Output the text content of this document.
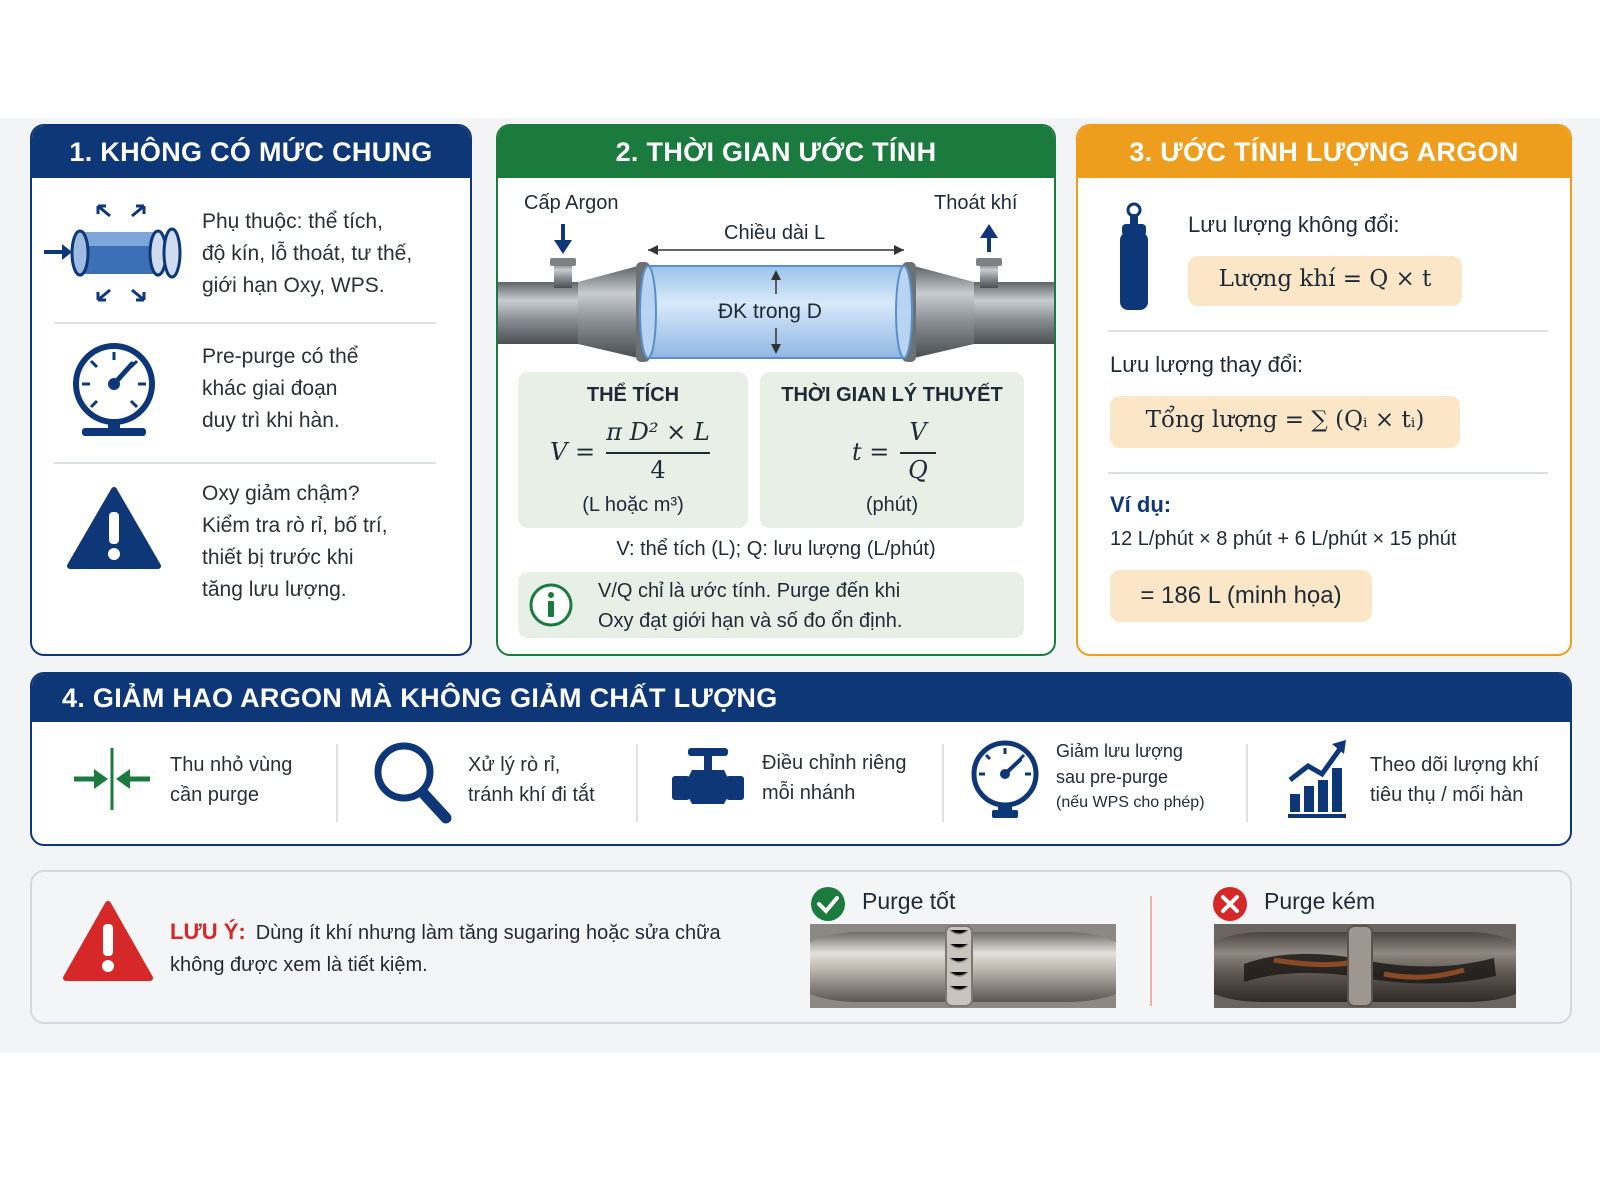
1. KHÔNG CÓ MỨC CHUNG
Phụ thuộc: thể tích,
độ kín, lỗ thoát, tư thế,
giới hạn Oxy, WPS.
Pre-purge có thể
khác giai đoạn
duy trì khi hàn.
Oxy giảm chậm?
Kiểm tra rò rỉ, bố trí,
thiết bị trước khi
tăng lưu lượng.
2. THỜI GIAN ƯỚC TÍNH
Cấp Argon	Thoát khí
Chiều dài L
ĐK trong D
THỂ TÍCH
V =
π D² × L
4
(L hoặc m³)
THỜI GIAN LÝ THUYẾT
t =
V
Q
(phút)
V: thể tích (L); Q: lưu lượng (L/phút)
V/Q chỉ là ước tính. Purge đến khi
Oxy đạt giới hạn và số đo ổn định.
3. ƯỚC TÍNH LƯỢNG ARGON
Lưu lượng không đổi:
Lượng khí = Q × t
Lưu lượng thay đổi:
Tổng lượng = ∑ (Qᵢ × tᵢ)
Ví dụ:
12 L/phút × 8 phút + 6 L/phút × 15 phút
= 186 L (minh họa)
4. GIẢM HAO ARGON MÀ KHÔNG GIẢM CHẤT LƯỢNG
Thu nhỏ vùng
cần purge
Xử lý rò rỉ,
tránh khí đi tắt
Điều chỉnh riêng
mỗi nhánh
Giảm lưu lượng
sau pre-purge
(nếu WPS cho phép)
Theo dõi lượng khí
tiêu thụ / mối hàn
LƯU Ý: Dùng ít khí nhưng làm tăng sugaring hoặc sửa chữa
không được xem là tiết kiệm.
Purge tốt	Purge kém
